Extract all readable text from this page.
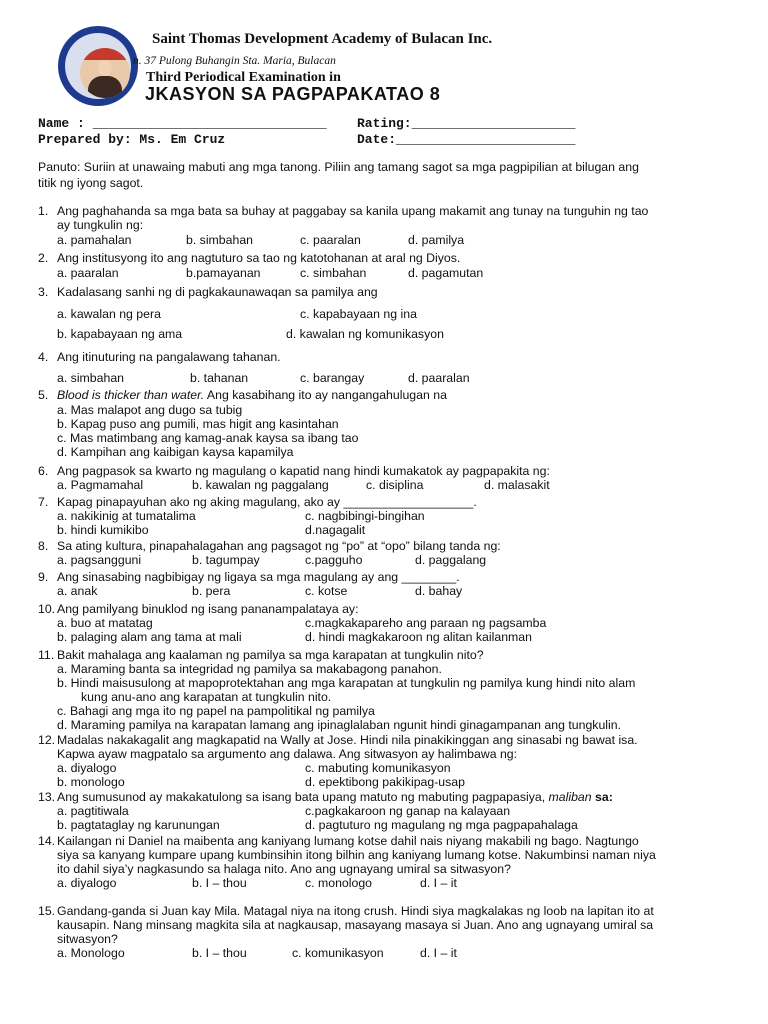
Saint Thomas Development Academy of Bulacan Inc.
n. 37 Pulong Buhangin Sta. Maria, Bulacan
Third Periodical Examination in
JKASYON SA PAGPAPAKATAO 8
Name : ______________________________ Rating:_____________________
Prepared by: Ms. Em Cruz	Date:_______________________
Panuto: Suriin at unawaing mabuti ang mga tanong. Piliin ang tamang sagot sa mga pagpipilian at bilugan ang
titik ng iyong sagot.
1. Ang paghahanda sa mga bata sa buhay at paggabay sa kanila upang makamit ang tunay na tunguhin ng tao
ay tungkulin ng:
a. pamahalan	b. simbahan	c. paaralan	d. pamilya
2. Ang institusyong ito ang nagtuturo sa tao ng katotohanan at aral ng Diyos.
a. paaralan	b.pamayanan	c. simbahan	d. pagamutan
3. Kadalasang sanhi ng di pagkakaunawaqan sa pamilya ang
a. kawalan ng pera	c. kapabayaan ng ina
b. kapabayaan ng ama	d. kawalan ng komunikasyon
4. Ang itinuturing na pangalawang tahanan.
a. simbahan	b. tahanan	c. barangay	d. paaralan
5. Blood is thicker than water. Ang kasabihang ito ay nangangahulugan na
a. Mas malapot ang dugo sa tubig
b. Kapag puso ang pumili, mas higit ang kasintahan
c. Mas matimbang ang kamag-anak kaysa sa ibang tao
d. Kampihan ang kaibigan kaysa kapamilya
6. Ang pagpasok sa kwarto ng magulang o kapatid nang hindi kumakatok ay pagpapakita ng:
a. Pagmamahal	b. kawalan ng paggalang	c. disiplina	d. malasakit
7. Kapag pinapayuhan ako ng aking magulang, ako ay ___________________.
a. nakikinig at tumatalima	c. nagbibingi-bingihan
b. hindi kumikibo	d.nagagalit
8. Sa ating kultura, pinapahalagahan ang pagsagot ng “po” at “opo” bilang tanda ng:
a. pagsangguni	b. tagumpay	c.pagguho	d. paggalang
9. Ang sinasabing nagbibigay ng ligaya sa mga magulang ay ang ________.
a. anak	b. pera	c. kotse	d. bahay
10. Ang pamilyang binuklod ng isang pananampalataya ay:
a. buo at matatag	c.magkakapareho ang paraan ng pagsamba
b. palaging alam ang tama at mali	d. hindi magkakaroon ng alitan kailanman
11. Bakit mahalaga ang kaalaman ng pamilya sa mga karapatan at tungkulin nito?
a. Maraming banta sa integridad ng pamilya sa makabagong panahon.
b. Hindi maisusulong at mapoprotektahan ang mga karapatan at tungkulin ng pamilya kung hindi nito alam
kung anu-ano ang karapatan at tungkulin nito.
c. Bahagi ang mga ito ng papel na pampolitikal ng pamilya
d. Maraming pamilya na karapatan lamang ang ipinaglalaban ngunit hindi ginagampanan ang tungkulin.
12. Madalas nakakagalit ang magkapatid na Wally at Jose. Hindi nila pinakikinggan ang sinasabi ng bawat isa.
Kapwa ayaw magpatalo sa argumento ang dalawa. Ang sitwasyon ay halimbawa ng:
a. diyalogo	c. mabuting komunikasyon
b. monologo	d. epektibong pakikipag-usap
13. Ang sumusunod ay makakatulong sa isang bata upang matuto ng mabuting pagpapasiya, maliban sa:
a. pagtitiwala	c.pagkakaroon ng ganap na kalayaan
b. pagtataglay ng karunungan	d. pagtuturo ng magulang ng mga pagpapahalaga
14. Kailangan ni Daniel na maibenta ang kaniyang lumang kotse dahil nais niyang makabili ng bago. Nagtungo
siya sa kanyang kumpare upang kumbinsihin itong bilhin ang kaniyang lumang kotse. Nakumbinsi naman niya
ito dahil siya’y nagkasundo sa halaga nito. Ano ang ugnayang umiral sa sitwasyon?
a. diyalogo	b. I – thou	c. monologo	d. I – it
15. Gandang-ganda si Juan kay Mila. Matagal niya na itong crush. Hindi siya magkalakas ng loob na lapitan ito at
kausapin. Nang minsang magkita sila at nagkausap, masayang masaya si Juan. Ano ang ugnayang umiral sa
sitwasyon?
a. Monologo	b. I – thou	c. komunikasyon	d. I – it
